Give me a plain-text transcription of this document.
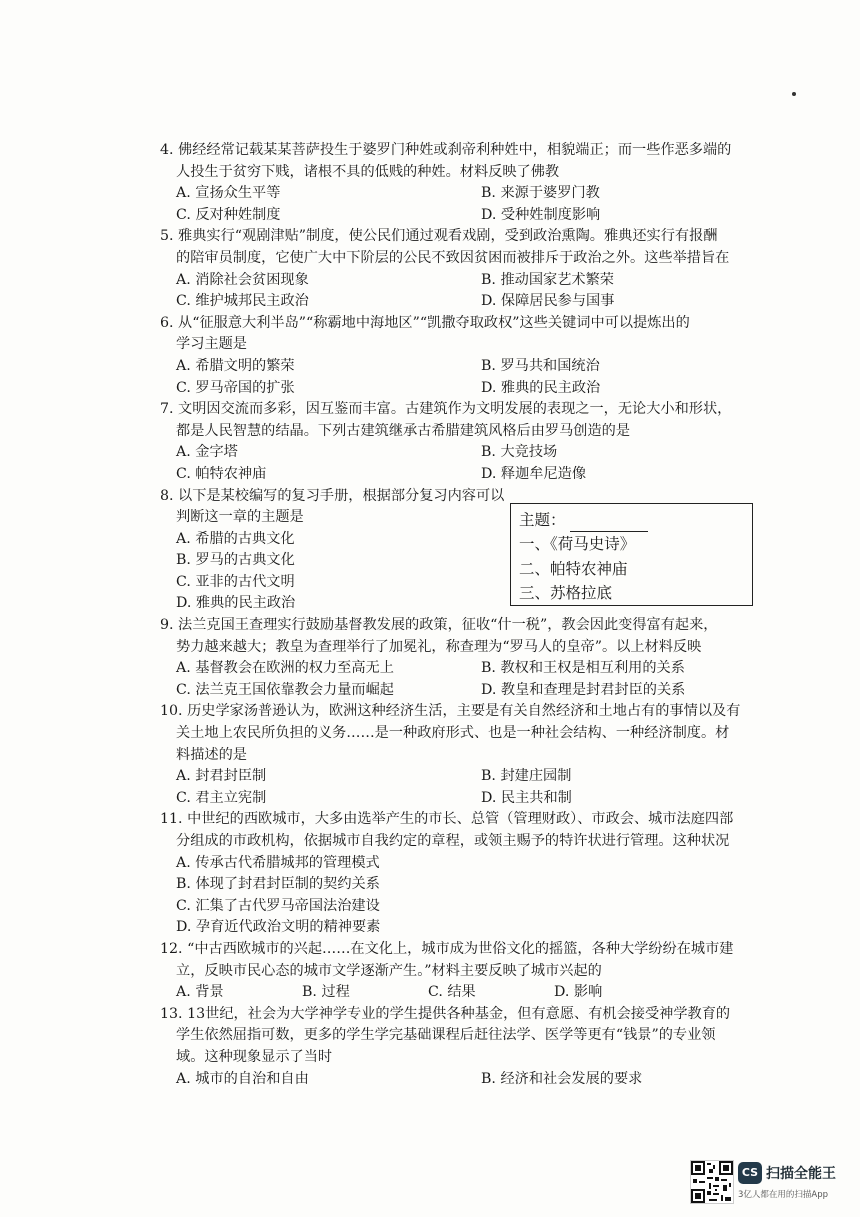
4. 佛经经常记载某某菩萨投生于婆罗门种姓或刹帝利种姓中，相貌端正；而一些作恶多端的
人投生于贫穷下贱，诸根不具的低贱的种姓。材料反映了佛教
A. 宣扬众生平等	B. 来源于婆罗门教
C. 反对种姓制度	D. 受种姓制度影响
5. 雅典实行“观剧津贴”制度，使公民们通过观看戏剧，受到政治熏陶。雅典还实行有报酬
的陪审员制度，它使广大中下阶层的公民不致因贫困而被排斥于政治之外。这些举措旨在
A. 消除社会贫困现象	B. 推动国家艺术繁荣
C. 维护城邦民主政治	D. 保障居民参与国事
6. 从“征服意大利半岛”“称霸地中海地区”“凯撒夺取政权”这些关键词中可以提炼出的
学习主题是
A. 希腊文明的繁荣	B. 罗马共和国统治
C. 罗马帝国的扩张	D. 雅典的民主政治
7. 文明因交流而多彩，因互鉴而丰富。古建筑作为文明发展的表现之一，无论大小和形状，
都是人民智慧的结晶。下列古建筑继承古希腊建筑风格后由罗马创造的是
A. 金字塔	B. 大竞技场
C. 帕特农神庙	D. 释迦牟尼造像
8. 以下是某校编写的复习手册，根据部分复习内容可以
判断这一章的主题是
A. 希腊的古典文化
B. 罗马的古典文化
C. 亚非的古代文明
D. 雅典的民主政治
主题：
一、《荷马史诗》
二、帕特农神庙
三、苏格拉底
9. 法兰克国王查理实行鼓励基督教发展的政策，征收“什一税”，教会因此变得富有起来，
势力越来越大；教皇为查理举行了加冕礼，称查理为“罗马人的皇帝”。以上材料反映
A. 基督教会在欧洲的权力至高无上	B. 教权和王权是相互利用的关系
C. 法兰克王国依靠教会力量而崛起	D. 教皇和查理是封君封臣的关系
10. 历史学家汤普逊认为，欧洲这种经济生活，主要是有关自然经济和土地占有的事情以及有
关土地上农民所负担的义务……是一种政府形式、也是一种社会结构、一种经济制度。材
料描述的是
A. 封君封臣制	B. 封建庄园制
C. 君主立宪制	D. 民主共和制
11. 中世纪的西欧城市，大多由选举产生的市长、总管（管理财政）、市政会、城市法庭四部
分组成的市政机构，依据城市自我约定的章程，或领主赐予的特许状进行管理。这种状况
A. 传承古代希腊城邦的管理模式
B. 体现了封君封臣制的契约关系
C. 汇集了古代罗马帝国法治建设
D. 孕育近代政治文明的精神要素
12. “中古西欧城市的兴起……在文化上，城市成为世俗文化的摇篮，各种大学纷纷在城市建
立，反映市民心态的城市文学逐渐产生。”材料主要反映了城市兴起的
A. 背景	B. 过程	C. 结果	D. 影响
13. 13世纪，社会为大学神学专业的学生提供各种基金，但有意愿、有机会接受神学教育的
学生依然屈指可数，更多的学生学完基础课程后赶往法学、医学等更有“钱景”的专业领
域。这种现象显示了当时
A. 城市的自治和自由	B. 经济和社会发展的要求
CS 扫描全能王
3亿人都在用的扫描App
